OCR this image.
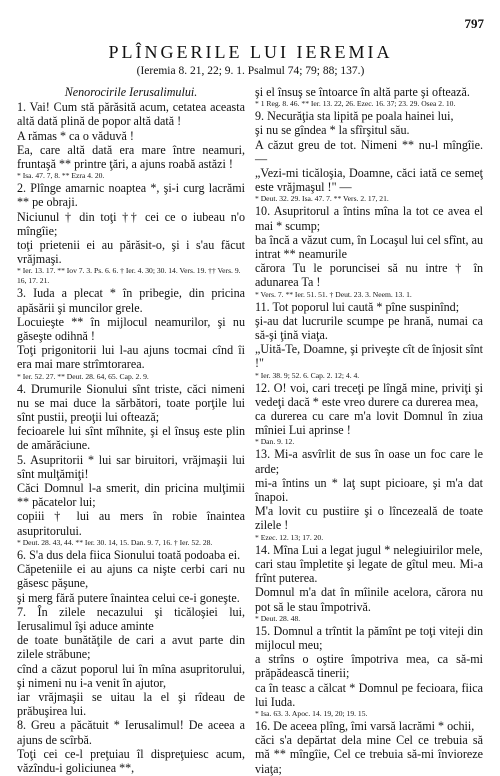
797
PLÎNGERILE LUI IEREMIA
(Ieremia 8. 21, 22; 9. 1. Psalmul 74; 79; 88; 137.)

Nenorocirile Ierusalimului.

1. Vai! Cum stă părăsită acum, cetatea aceasta altă dată plină de popor altă dată !

A rămas * ca o văduvă !

Ea, care altă dată era mare între neamuri, fruntaşă ** printre ţări, a ajuns roabă astăzi !

* Isa. 47. 7, 8. ** Ezra 4. 20.

2. Plînge amarnic noaptea *, şi-i curg lacrămi ** pe obraji.

Niciunul † din toţi †† cei ce o iubeau n'o mîngîie;

toţi prietenii ei au părăsit-o, şi i s'au făcut vrăjmaşi.

* Ier. 13. 17. ** Iov 7. 3. Ps. 6. 6. † Ier. 4. 30; 30. 14. Vers. 19. †† Vers. 9. 16, 17. 21.

3. Iuda a plecat * în pribegie, din pricina apăsării şi muncilor grele.

Locuieşte ** în mijlocul neamurilor, şi nu găseşte odihnă !

Toţi prigonitorii lui l-au ajuns tocmai cînd îi era mai mare strîmtorarea.

* Ier. 52. 27. ** Deut. 28. 64, 65. Cap. 2. 9.

4. Drumurile Sionului sînt triste, căci nimeni nu se mai duce la sărbători, toate porţile lui sînt pustii, preoţii lui oftează;

fecioarele lui sînt mîhnite, şi el însuş este plin de amărăciune.

5. Asupritorii * lui sar biruitori, vrăjmaşii lui sînt mulţămiţi!

Căci Domnul l-a smerit, din pricina mulţimii ** păcatelor lui;

copiii † lui au mers în robie înaintea asupritorului.

* Deut. 28. 43, 44. ** Ier. 30. 14, 15. Dan. 9. 7, 16. † Ier. 52. 28.

6. S'a dus dela fiica Sionului toată podoaba ei.

Căpeteniile ei au ajuns ca nişte cerbi cari nu găsesc păşune,

şi merg fără putere înaintea celui ce-i goneşte.

7. În zilele necazului şi ticăloşiei lui, Ierusalimul îşi aduce aminte

de toate bunătăţile de cari a avut parte din zilele străbune;

cînd a căzut poporul lui în mîna asupritorului, şi nimeni nu i-a venit în ajutor,

iar vrăjmaşii se uitau la el şi rîdeau de prăbuşirea lui.

8. Greu a păcătuit * Ierusalimul! De aceea a ajuns de scîrbă.

Toţi cei ce-l preţuiau îl dispreţuiesc acum, văzîndu-i goliciunea **,

şi el însuş se întoarce în altă parte şi oftează.

* 1 Reg. 8. 46. ** Ier. 13. 22, 26. Ezec. 16. 37; 23. 29. Osea 2. 10.

9. Necurăţia sta lipită pe poala hainei lui,

şi nu se gîndea * la sfîrşitul său.

A căzut greu de tot. Nimeni ** nu-l mîngîie. —

„Vezi-mi ticăloşia, Doamne, căci iată ce semeţ este vrăjmaşul !" —

* Deut. 32. 29. Isa. 47. 7. ** Vers. 2. 17, 21.

10. Asupritorul a întins mîna la tot ce avea el mai * scump;

ba încă a văzut cum, în Locaşul lui cel sfînt, au intrat ** neamurile

cărora Tu le poruncisei să nu intre † în adunarea Ta !

* Vers. 7. ** Ier. 51. 51. † Deut. 23. 3. Neem. 13. 1.

11. Tot poporul lui caută * pîne suspinînd;

şi-au dat lucrurile scumpe pe hrană, numai ca să-şi ţină viaţa.

„Uită-Te, Doamne, şi priveşte cît de înjosit sînt !"

* Ier. 38. 9; 52. 6. Cap. 2. 12; 4. 4.

12. O! voi, cari treceţi pe lîngă mine, priviţi şi vedeţi dacă * este vreo durere ca durerea mea,

ca durerea cu care m'a lovit Domnul în ziua mîniei Lui aprinse !

* Dan. 9. 12.

13. Mi-a asvîrlit de sus în oase un foc care le arde;

mi-a întins un * laţ supt picioare, şi m'a dat înapoi.

M'a lovit cu pustiire şi o lîncezeală de toate zilele !

* Ezec. 12. 13; 17. 20.

14. Mîna Lui a legat jugul * nelegiuirilor mele,

cari stau împletite şi legate de gîtul meu. Mi-a frînt puterea.

Domnul m'a dat în mîinile acelora, cărora nu pot să le stau împotrivă.

* Deut. 28. 48.

15. Domnul a trîntit la pămînt pe toţi viteji din mijlocul meu;

a strîns o oştire împotriva mea, ca să-mi prăpădească tinerii;

ca în teasc a călcat * Domnul pe fecioara, fiica lui Iuda.

* Isa. 63. 3. Apoc. 14. 19, 20; 19. 15.

16. De aceea plîng, îmi varsă lacrămi * ochii,

căci s'a depărtat dela mine Cel ce trebuia să mă ** mîngîie, Cel ce trebuia să-mi învioreze viaţa;
